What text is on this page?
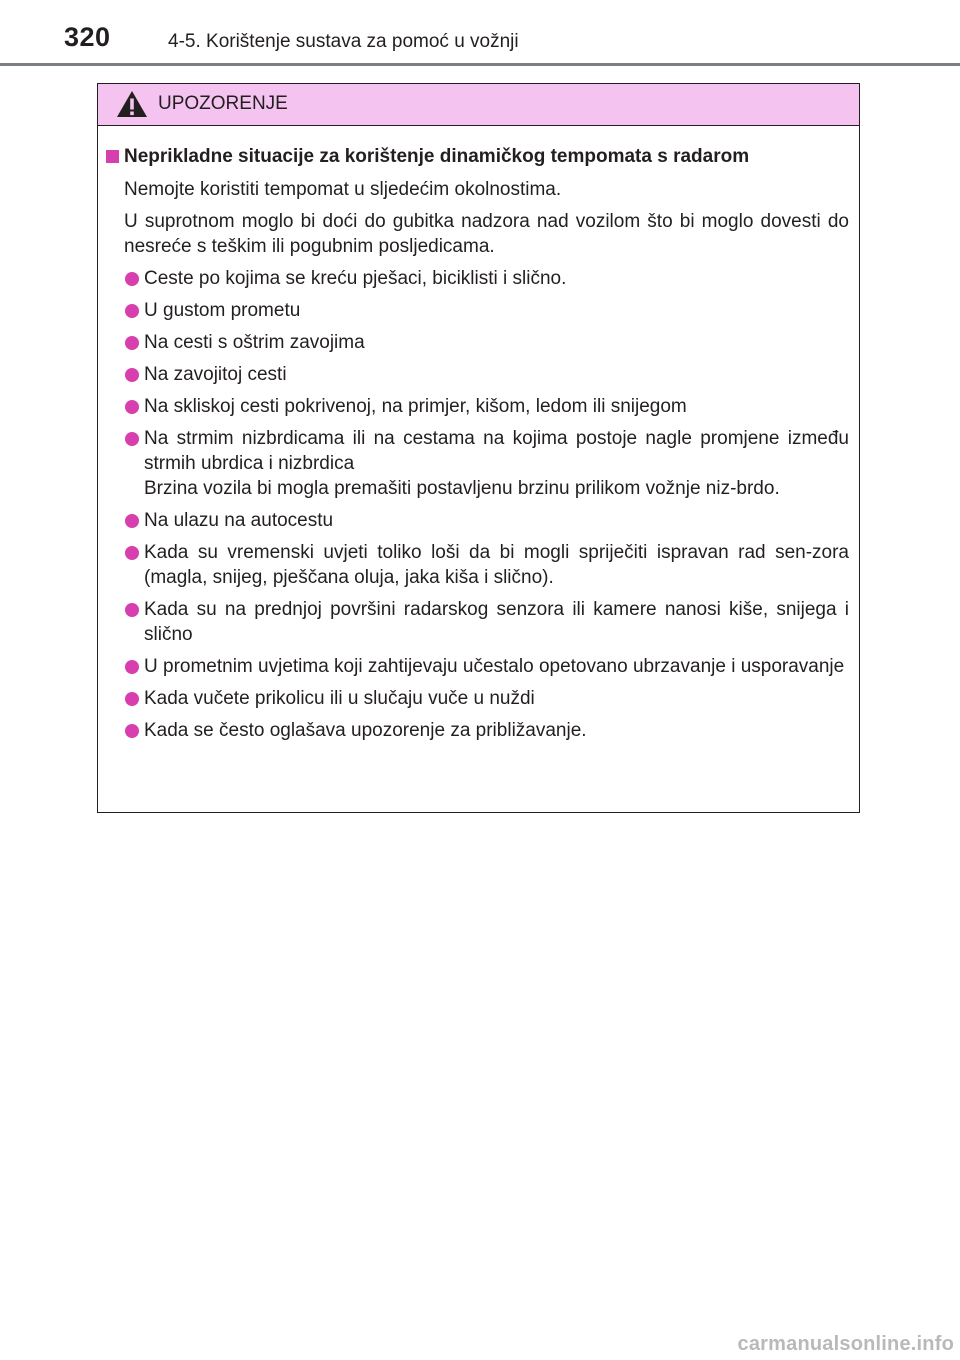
320	4-5. Korištenje sustava za pomoć u vožnji
UPOZORENJE
Neprikladne situacije za korištenje dinamičkog tempomata s radarom

Nemojte koristiti tempomat u sljedećim okolnostima.

U suprotnom moglo bi doći do gubitka nadzora nad vozilom što bi moglo dovesti do nesreće s teškim ili pogubnim posljedicama.

Ceste po kojima se kreću pješaci, biciklisti i slično.
U gustom prometu
Na cesti s oštrim zavojima
Na zavojitoj cesti
Na skliskoj cesti pokrivenoj, na primjer, kišom, ledom ili snijegom
Na strmim nizbrdicama ili na cestama na kojima postoje nagle promjene između strmih ubrdica i nizbrdica
Brzina vozila bi mogla premašiti postavljenu brzinu prilikom vožnje niz-brdo.
Na ulazu na autocestu
Kada su vremenski uvjeti toliko loši da bi mogli spriječiti ispravan rad sen-zora (magla, snijeg, pješčana oluja, jaka kiša i slično).
Kada su na prednjoj površini radarskog senzora ili kamere nanosi kiše, snijega i slično
U prometnim uvjetima koji zahtijevaju učestalo opetovano ubrzavanje i usporavanje
Kada vučete prikolicu ili u slučaju vuče u nuždi
Kada se često oglašava upozorenje za približavanje.
carmanualsonline.info
